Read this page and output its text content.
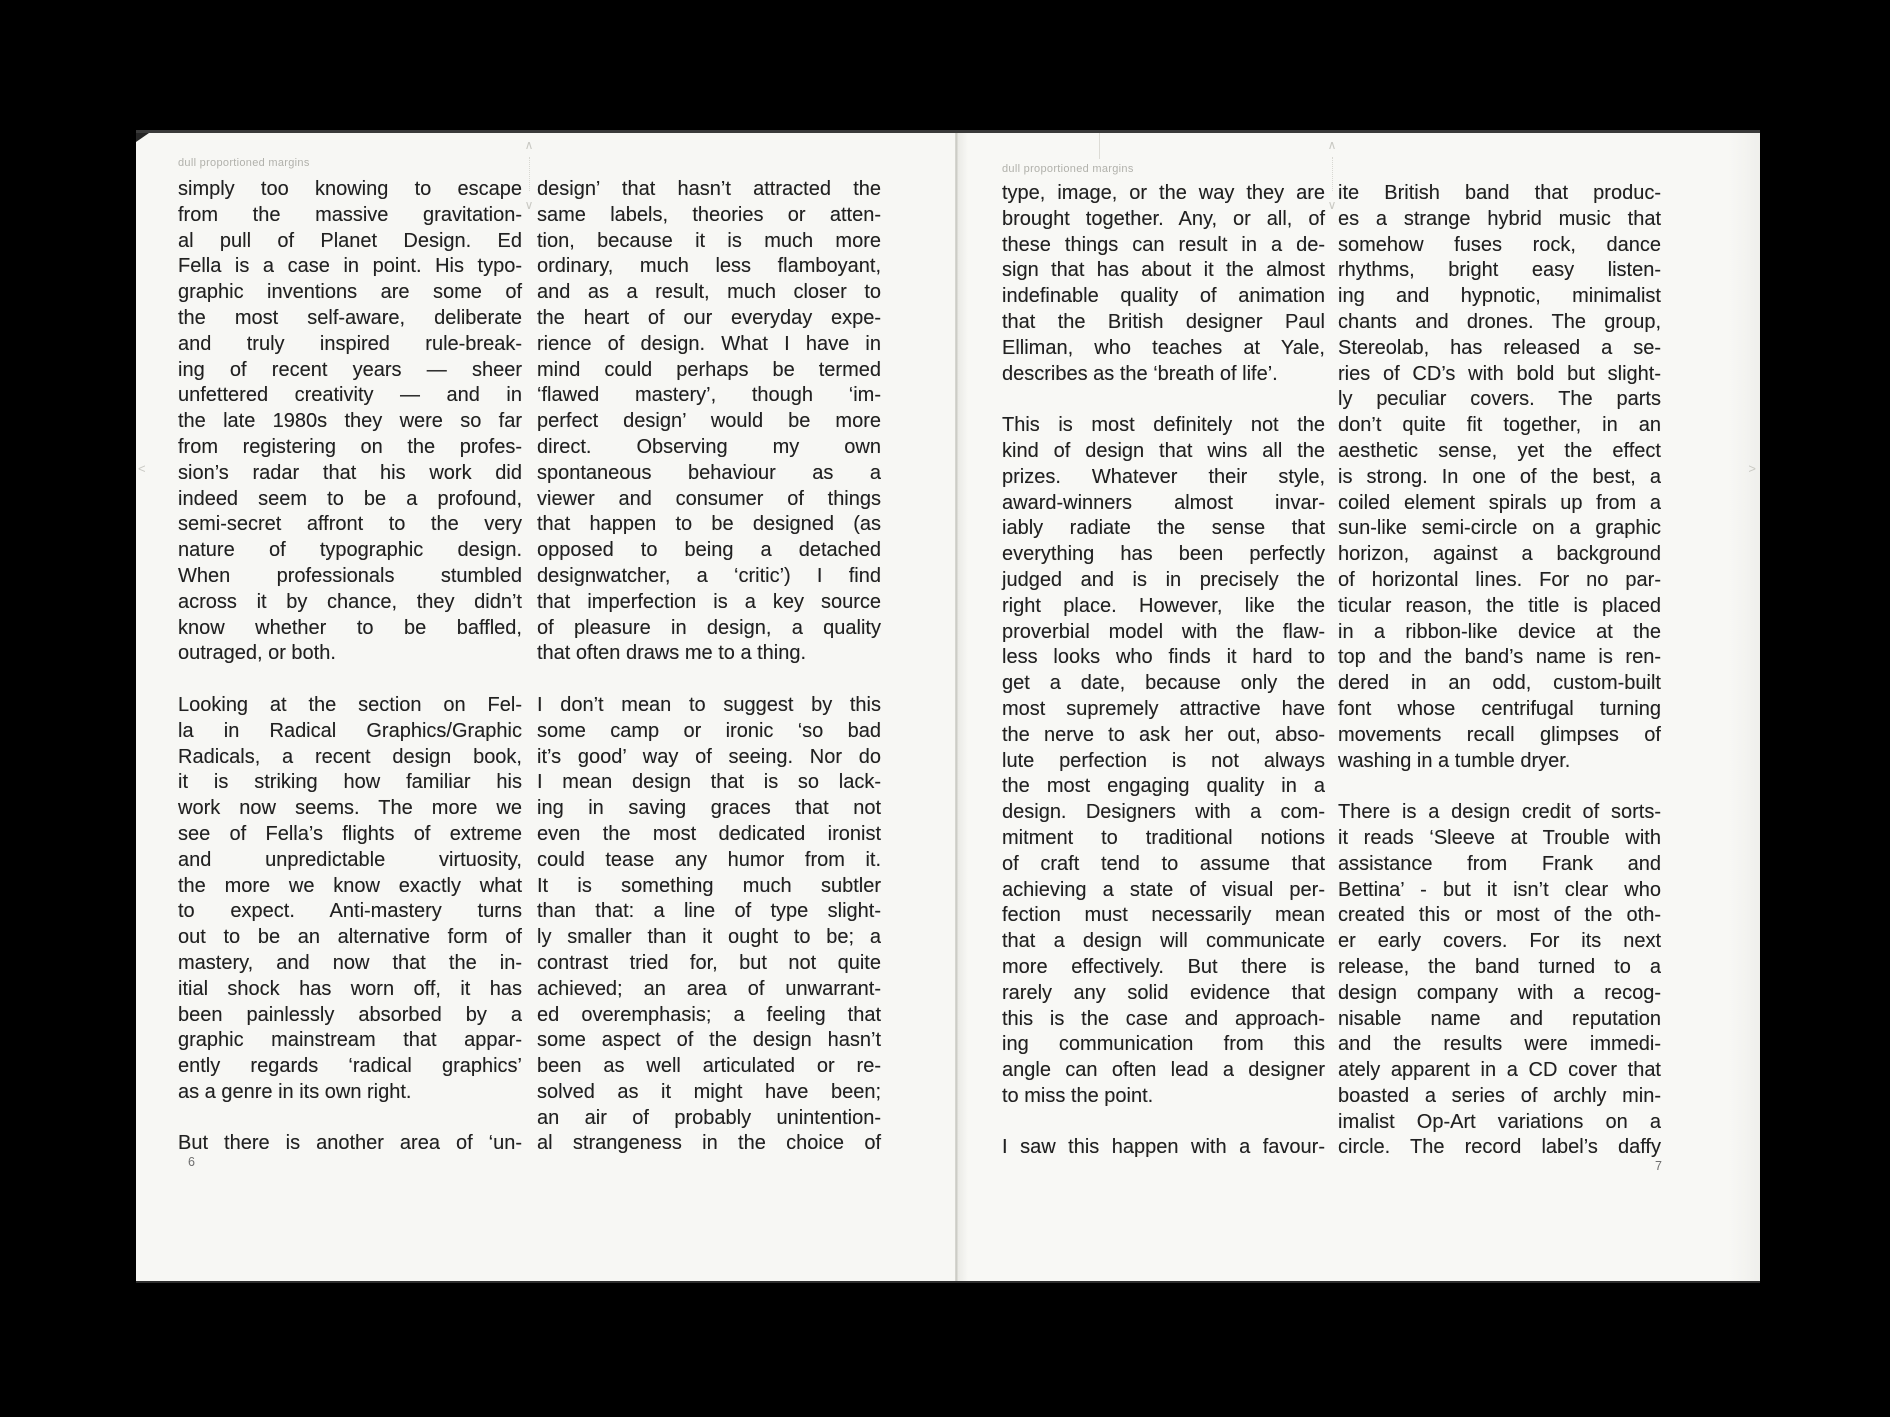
dull proportioned margins
∧
∨
<
simply too knowing to escape
from the massive gravitation-
al pull of Planet Design. Ed
Fella is a case in point. His typo-
graphic inventions are some of
the most self-aware, deliberate
and truly inspired rule-break-
ing of recent years — sheer
unfettered creativity — and in
the late 1980s they were so far
from registering on the profes-
sion’s radar that his work did
indeed seem to be a profound,
semi-secret affront to the very
nature of typographic design.
When professionals stumbled
across it by chance, they didn’t
know whether to be baffled,
outraged, or both.
Looking at the section on Fel-
la in Radical Graphics/Graphic
Radicals, a recent design book,
it is striking how familiar his
work now seems. The more we
see of Fella’s flights of extreme
and unpredictable virtuosity,
the more we know exactly what
to expect. Anti-mastery turns
out to be an alternative form of
mastery, and now that the in-
itial shock has worn off, it has
been painlessly absorbed by a
graphic mainstream that appar-
ently regards ‘radical graphics’
as a genre in its own right.
But there is another area of ‘un-
design’ that hasn’t attracted the
same labels, theories or atten-
tion, because it is much more
ordinary, much less flamboyant,
and as a result, much closer to
the heart of our everyday expe-
rience of design. What I have in
mind could perhaps be termed
‘flawed mastery’, though ‘im-
perfect design’ would be more
direct. Observing my own
spontaneous behaviour as a
viewer and consumer of things
that happen to be designed (as
opposed to being a detached
designwatcher, a ‘critic’) I find
that imperfection is a key source
of pleasure in design, a quality
that often draws me to a thing.
I don’t mean to suggest by this
some camp or ironic ‘so bad
it’s good’ way of seeing. Nor do
I mean design that is so lack-
ing in saving graces that not
even the most dedicated ironist
could tease any humor from it.
It is something much subtler
than that: a line of type slight-
ly smaller than it ought to be; a
contrast tried for, but not quite
achieved; an area of unwarrant-
ed overemphasis; a feeling that
some aspect of the design hasn’t
been as well articulated or re-
solved as it might have been;
an air of probably unintention-
al strangeness in the choice of
6
dull proportioned margins
∧
∨
>
type, image, or the way they are
brought together. Any, or all, of
these things can result in a de-
sign that has about it the almost
indefinable quality of animation
that the British designer Paul
Elliman, who teaches at Yale,
describes as the ‘breath of life’.
This is most definitely not the
kind of design that wins all the
prizes. Whatever their style,
award-winners almost invar-
iably radiate the sense that
everything has been perfectly
judged and is in precisely the
right place. However, like the
proverbial model with the flaw-
less looks who finds it hard to
get a date, because only the
most supremely attractive have
the nerve to ask her out, abso-
lute perfection is not always
the most engaging quality in a
design. Designers with a com-
mitment to traditional notions
of craft tend to assume that
achieving a state of visual per-
fection must necessarily mean
that a design will communicate
more effectively. But there is
rarely any solid evidence that
this is the case and approach-
ing communication from this
angle can often lead a designer
to miss the point.
I saw this happen with a favour-
ite British band that produc-
es a strange hybrid music that
somehow fuses rock, dance
rhythms, bright easy listen-
ing and hypnotic, minimalist
chants and drones. The group,
Stereolab, has released a se-
ries of CD’s with bold but slight-
ly peculiar covers. The parts
don’t quite fit together, in an
aesthetic sense, yet the effect
is strong. In one of the best, a
coiled element spirals up from a
sun-like semi-circle on a graphic
horizon, against a background
of horizontal lines. For no par-
ticular reason, the title is placed
in a ribbon-like device at the
top and the band’s name is ren-
dered in an odd, custom-built
font whose centrifugal turning
movements recall glimpses of
washing in a tumble dryer.
There is a design credit of sorts-
it reads ‘Sleeve at Trouble with
assistance from Frank and
Bettina’ - but it isn’t clear who
created this or most of the oth-
er early covers. For its next
release, the band turned to a
design company with a recog-
nisable name and reputation
and the results were immedi-
ately apparent in a CD cover that
boasted a series of archly min-
imalist Op-Art variations on a
circle. The record label’s daffy
7
